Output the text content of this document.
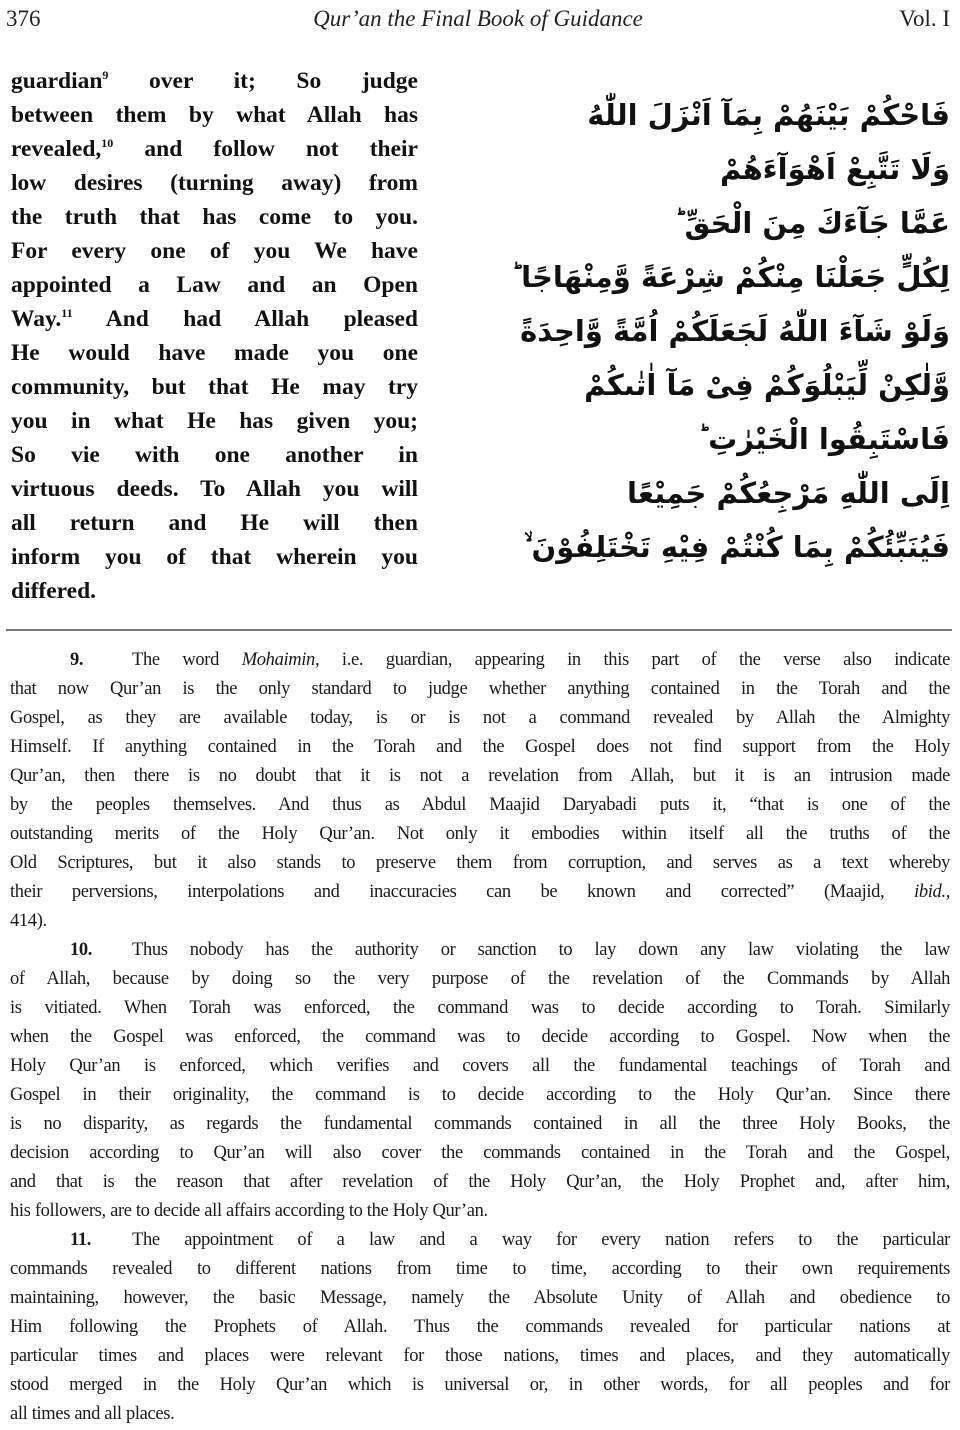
376	Qur’an the Final Book of Guidance	Vol. I
guardian$^9$ over it; So judge
between them by what Allah has
revealed,$^{10}$ and follow not their
low desires (turning away) from
the truth that has come to you.
For every one of you We have
appointed a Law and an Open
Way.$^{11}$ And had Allah pleased
He would have made you one
community, but that He may try
you in what He has given you;
So vie with one another in
virtuous deeds. To Allah you will
all return and He will then
inform you of that wherein you
differed.
فَاحْكُمْ بَيْنَهُمْ بِمَآ اَنْزَلَ اللّٰهُ
وَلَا تَتَّبِعْ اَهْوَآءَهُمْ
عَمَّا جَآءَكَ مِنَ الْحَقِّ ؕ
لِكُلٍّ جَعَلْنَا مِنْكُمْ شِرْعَةً وَّمِنْهَاجًا ؕ
وَلَوْ شَآءَ اللّٰهُ لَجَعَلَكُمْ اُمَّةً وَّاحِدَةً
وَّلٰكِنْ لِّيَبْلُوَكُمْ فِىْ مَآ اٰتٰىكُمْ
فَاسْتَبِقُوا الْخَيْرٰتِ ؕ
اِلَى اللّٰهِ مَرْجِعُكُمْ جَمِيْعًا
فَيُنَبِّئُكُمْ بِمَا كُنْتُمْ فِيْهِ تَخْتَلِفُوْنَ ۙ
9.	The word Mohaimin, i.e. guardian, appearing in this part of the verse also indicate
that now Qur’an is the only standard to judge whether anything contained in the Torah and the
Gospel, as they are available today, is or is not a command revealed by Allah the Almighty
Himself. If anything contained in the Torah and the Gospel does not find support from the Holy
Qur’an, then there is no doubt that it is not a revelation from Allah, but it is an intrusion made
by the peoples themselves. And thus as Abdul Maajid Daryabadi puts it, “that is one of the
outstanding merits of the Holy Qur’an. Not only it embodies within itself all the truths of the
Old Scriptures, but it also stands to preserve them from corruption, and serves as a text whereby
their perversions, interpolations and inaccuracies can be known and corrected” (Maajid, ibid.,
414).
10. Thus nobody has the authority or sanction to lay down any law violating the law
of Allah, because by doing so the very purpose of the revelation of the Commands by Allah
is vitiated. When Torah was enforced, the command was to decide according to Torah. Similarly
when the Gospel was enforced, the command was to decide according to Gospel. Now when the
Holy Qur’an is enforced, which verifies and covers all the fundamental teachings of Torah and
Gospel in their originality, the command is to decide according to the Holy Qur’an. Since there
is no disparity, as regards the fundamental commands contained in all the three Holy Books, the
decision according to Qur’an will also cover the commands contained in the Torah and the Gospel,
and that is the reason that after revelation of the Holy Qur’an, the Holy Prophet and, after him,
his followers, are to decide all affairs according to the Holy Qur’an.
11. The appointment of a law and a way for every nation refers to the particular
commands revealed to different nations from time to time, according to their own requirements
maintaining, however, the basic Message, namely the Absolute Unity of Allah and obedience to
Him following the Prophets of Allah. Thus the commands revealed for particular nations at
particular times and places were relevant for those nations, times and places, and they automatically
stood merged in the Holy Qur’an which is universal or, in other words, for all peoples and for
all times and all places.
